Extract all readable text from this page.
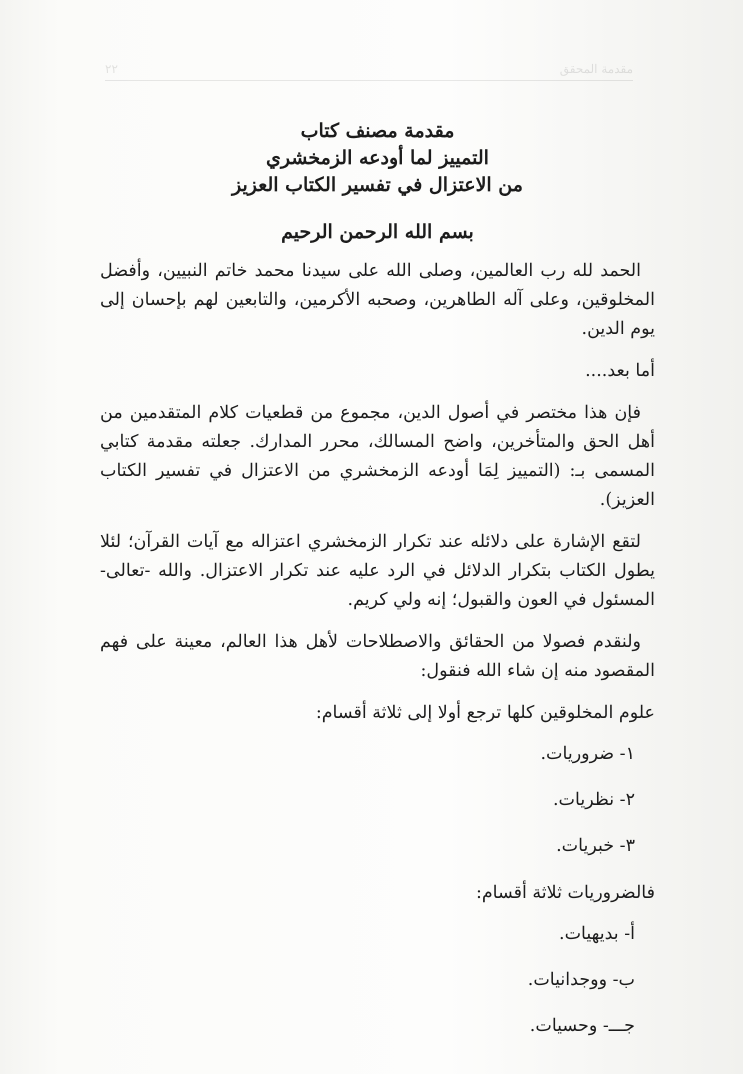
٢٢	مقدمة المحقق
مقدمة مصنف كتاب
التمييز لما أودعه الزمخشري
من الاعتزال في تفسير الكتاب العزيز
بسم الله الرحمن الرحيم

الحمد لله رب العالمين، وصلى الله على سيدنا محمد خاتم النبيين، وأفضل المخلوقين، وعلى آله الطاهرين، وصحبه الأكرمين، والتابعين لهم بإحسان إلى يوم الدين.

أما بعد....

فإن هذا مختصر في أصول الدين، مجموع من قطعيات كلام المتقدمين من أهل الحق والمتأخرين، واضح المسالك، محرر المدارك. جعلته مقدمة كتابي المسمى بـ: (التمييز لِمَا أودعه الزمخشري من الاعتزال في تفسير الكتاب العزيز).

لتقع الإشارة على دلائله عند تكرار الزمخشري اعتزاله مع آيات القرآن؛ لئلا يطول الكتاب بتكرار الدلائل في الرد عليه عند تكرار الاعتزال. والله -تعالى- المسئول في العون والقبول؛ إنه ولي كريم.

ولنقدم فصولا من الحقائق والاصطلاحات لأهل هذا العالم، معينة على فهم المقصود منه إن شاء الله فنقول:

علوم المخلوقين كلها ترجع أولا إلى ثلاثة أقسام:

١- ضروريات.
٢- نظريات.
٣- خبريات.

فالضروريات ثلاثة أقسام:

أ- بديهيات.
ب- ووجدانيات.
جـــ- وحسيات.
